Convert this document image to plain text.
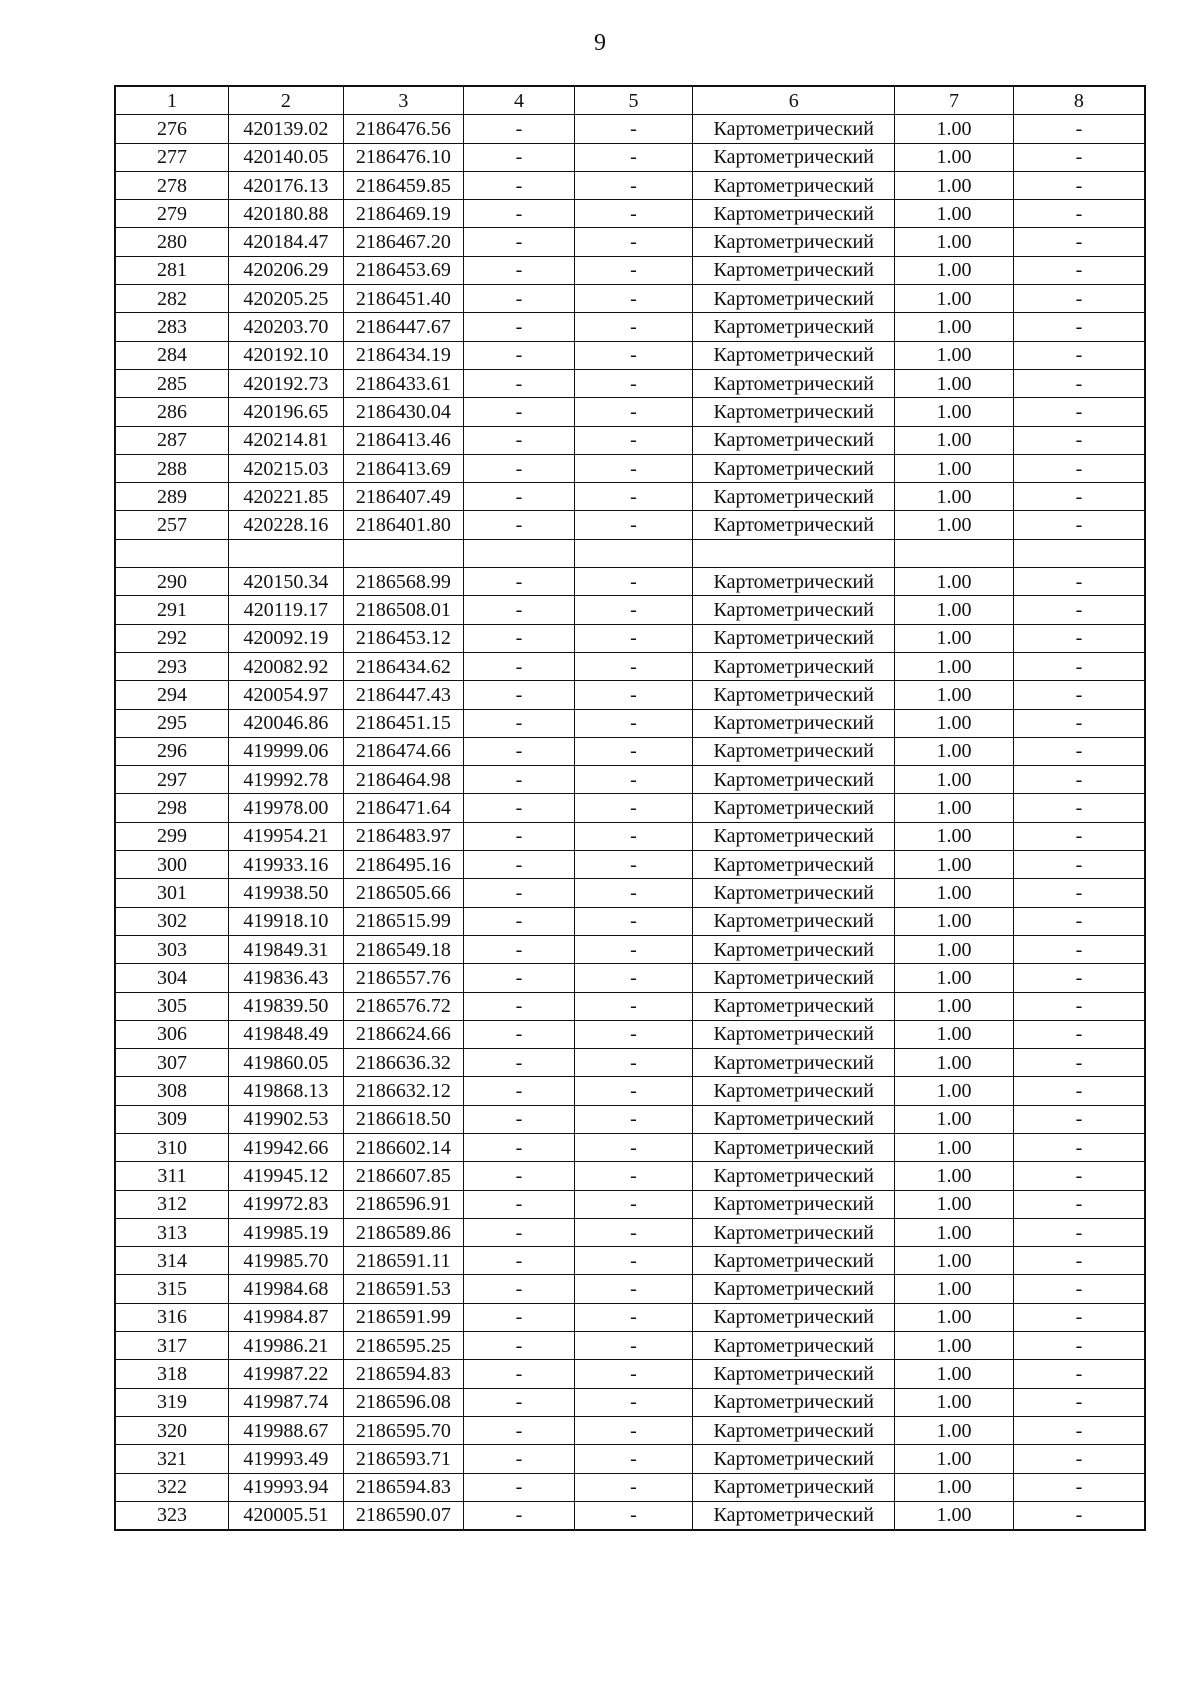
9
1	2	3	4	5	6	7	8
276	420139.02	2186476.56	-	-	Картометрический	1.00	-
277	420140.05	2186476.10	-	-	Картометрический	1.00	-
278	420176.13	2186459.85	-	-	Картометрический	1.00	-
279	420180.88	2186469.19	-	-	Картометрический	1.00	-
280	420184.47	2186467.20	-	-	Картометрический	1.00	-
281	420206.29	2186453.69	-	-	Картометрический	1.00	-
282	420205.25	2186451.40	-	-	Картометрический	1.00	-
283	420203.70	2186447.67	-	-	Картометрический	1.00	-
284	420192.10	2186434.19	-	-	Картометрический	1.00	-
285	420192.73	2186433.61	-	-	Картометрический	1.00	-
286	420196.65	2186430.04	-	-	Картометрический	1.00	-
287	420214.81	2186413.46	-	-	Картометрический	1.00	-
288	420215.03	2186413.69	-	-	Картометрический	1.00	-
289	420221.85	2186407.49	-	-	Картометрический	1.00	-
257	420228.16	2186401.80	-	-	Картометрический	1.00	-

290	420150.34	2186568.99	-	-	Картометрический	1.00	-
291	420119.17	2186508.01	-	-	Картометрический	1.00	-
292	420092.19	2186453.12	-	-	Картометрический	1.00	-
293	420082.92	2186434.62	-	-	Картометрический	1.00	-
294	420054.97	2186447.43	-	-	Картометрический	1.00	-
295	420046.86	2186451.15	-	-	Картометрический	1.00	-
296	419999.06	2186474.66	-	-	Картометрический	1.00	-
297	419992.78	2186464.98	-	-	Картометрический	1.00	-
298	419978.00	2186471.64	-	-	Картометрический	1.00	-
299	419954.21	2186483.97	-	-	Картометрический	1.00	-
300	419933.16	2186495.16	-	-	Картометрический	1.00	-
301	419938.50	2186505.66	-	-	Картометрический	1.00	-
302	419918.10	2186515.99	-	-	Картометрический	1.00	-
303	419849.31	2186549.18	-	-	Картометрический	1.00	-
304	419836.43	2186557.76	-	-	Картометрический	1.00	-
305	419839.50	2186576.72	-	-	Картометрический	1.00	-
306	419848.49	2186624.66	-	-	Картометрический	1.00	-
307	419860.05	2186636.32	-	-	Картометрический	1.00	-
308	419868.13	2186632.12	-	-	Картометрический	1.00	-
309	419902.53	2186618.50	-	-	Картометрический	1.00	-
310	419942.66	2186602.14	-	-	Картометрический	1.00	-
311	419945.12	2186607.85	-	-	Картометрический	1.00	-
312	419972.83	2186596.91	-	-	Картометрический	1.00	-
313	419985.19	2186589.86	-	-	Картометрический	1.00	-
314	419985.70	2186591.11	-	-	Картометрический	1.00	-
315	419984.68	2186591.53	-	-	Картометрический	1.00	-
316	419984.87	2186591.99	-	-	Картометрический	1.00	-
317	419986.21	2186595.25	-	-	Картометрический	1.00	-
318	419987.22	2186594.83	-	-	Картометрический	1.00	-
319	419987.74	2186596.08	-	-	Картометрический	1.00	-
320	419988.67	2186595.70	-	-	Картометрический	1.00	-
321	419993.49	2186593.71	-	-	Картометрический	1.00	-
322	419993.94	2186594.83	-	-	Картометрический	1.00	-
323	420005.51	2186590.07	-	-	Картометрический	1.00	-
